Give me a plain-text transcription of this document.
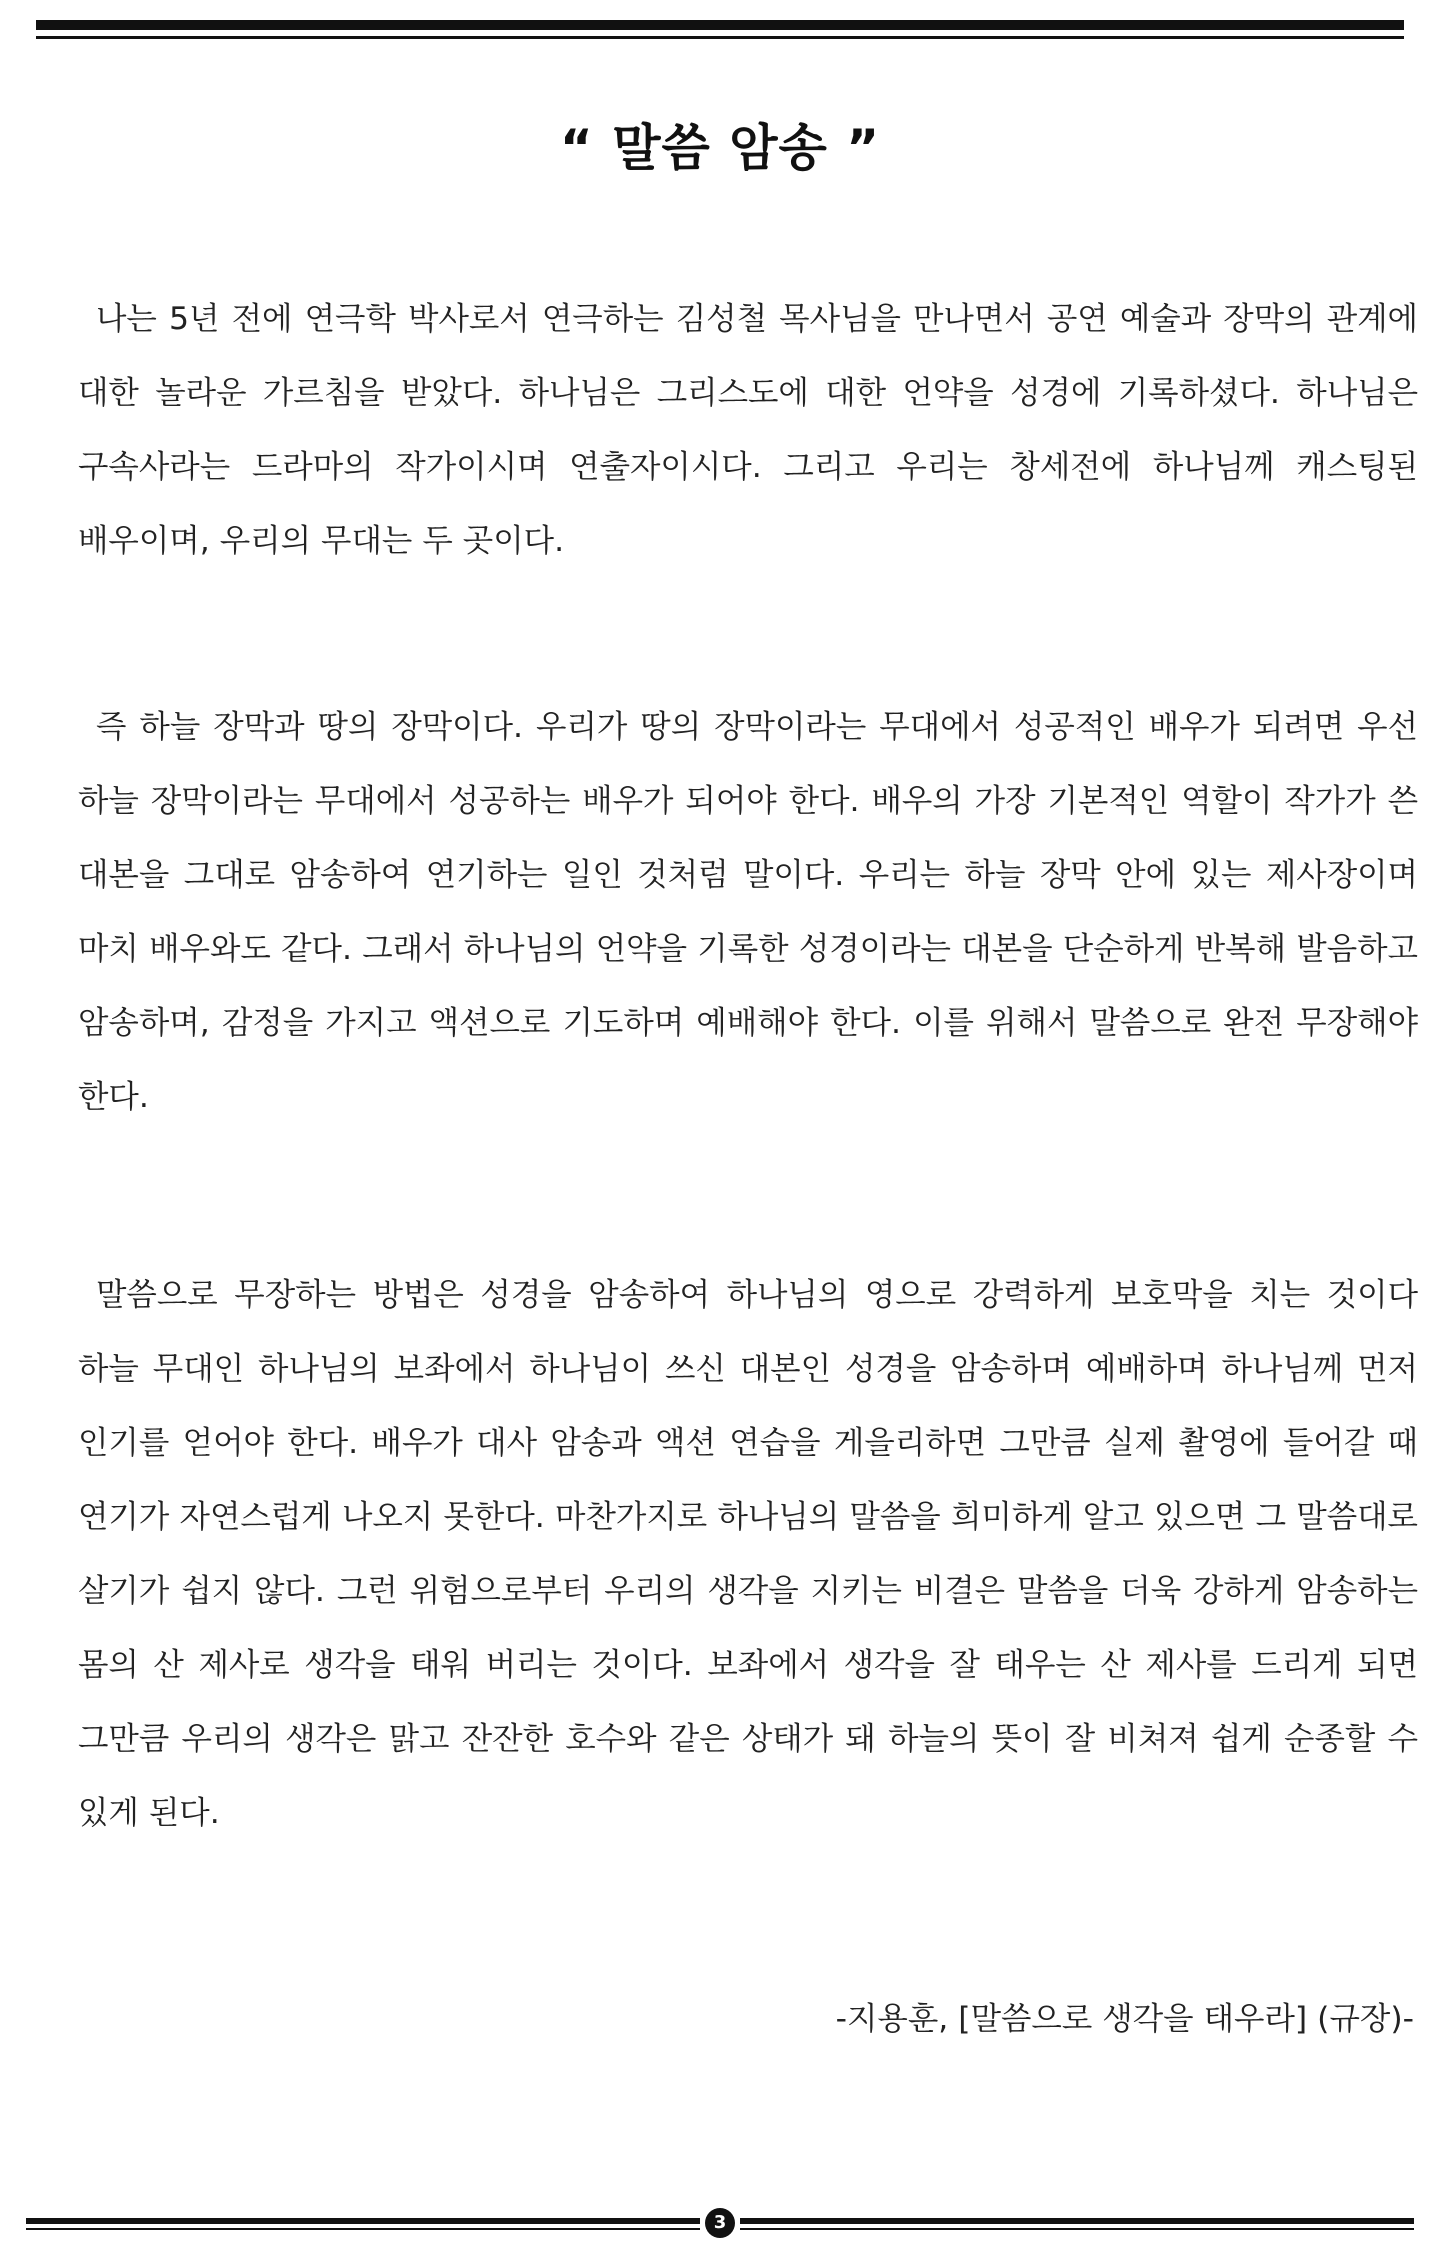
“ 말씀 암송 ”

나는 5년 전에 연극학 박사로서 연극하는 김성철 목사님을 만나면서 공연 예술과 장막의 관계에 대한 놀라운 가르침을 받았다. 하나님은 그리스도에 대한 언약을 성경에 기록하셨다. 하나님은 구속사라는 드라마의 작가이시며 연출자이시다. 그리고 우리는 창세전에 하나님께 캐스팅된 배우이며, 우리의 무대는 두 곳이다.

즉 하늘 장막과 땅의 장막이다. 우리가 땅의 장막이라는 무대에서 성공적인 배우가 되려면 우선 하늘 장막이라는 무대에서 성공하는 배우가 되어야 한다. 배우의 가장 기본적인 역할이 작가가 쓴 대본을 그대로 암송하여 연기하는 일인 것처럼 말이다. 우리는 하늘 장막 안에 있는 제사장이며 마치 배우와도 같다. 그래서 하나님의 언약을 기록한 성경이라는 대본을 단순하게 반복해 발음하고 암송하며, 감정을 가지고 액션으로 기도하며 예배해야 한다. 이를 위해서 말씀으로 완전 무장해야 한다.

말씀으로 무장하는 방법은 성경을 암송하여 하나님의 영으로 강력하게 보호막을 치는 것이다 하늘 무대인 하나님의 보좌에서 하나님이 쓰신 대본인 성경을 암송하며 예배하며 하나님께 먼저 인기를 얻어야 한다. 배우가 대사 암송과 액션 연습을 게을리하면 그만큼 실제 촬영에 들어갈 때 연기가 자연스럽게 나오지 못한다. 마찬가지로 하나님의 말씀을 희미하게 알고 있으면 그 말씀대로 살기가 쉽지 않다. 그런 위험으로부터 우리의 생각을 지키는 비결은 말씀을 더욱 강하게 암송하는 몸의 산 제사로 생각을 태워 버리는 것이다. 보좌에서 생각을 잘 태우는 산 제사를 드리게 되면 그만큼 우리의 생각은 맑고 잔잔한 호수와 같은 상태가 돼 하늘의 뜻이 잘 비쳐져 쉽게 순종할 수 있게 된다.

-지용훈, [말씀으로 생각을 태우라] (규장)-
3
